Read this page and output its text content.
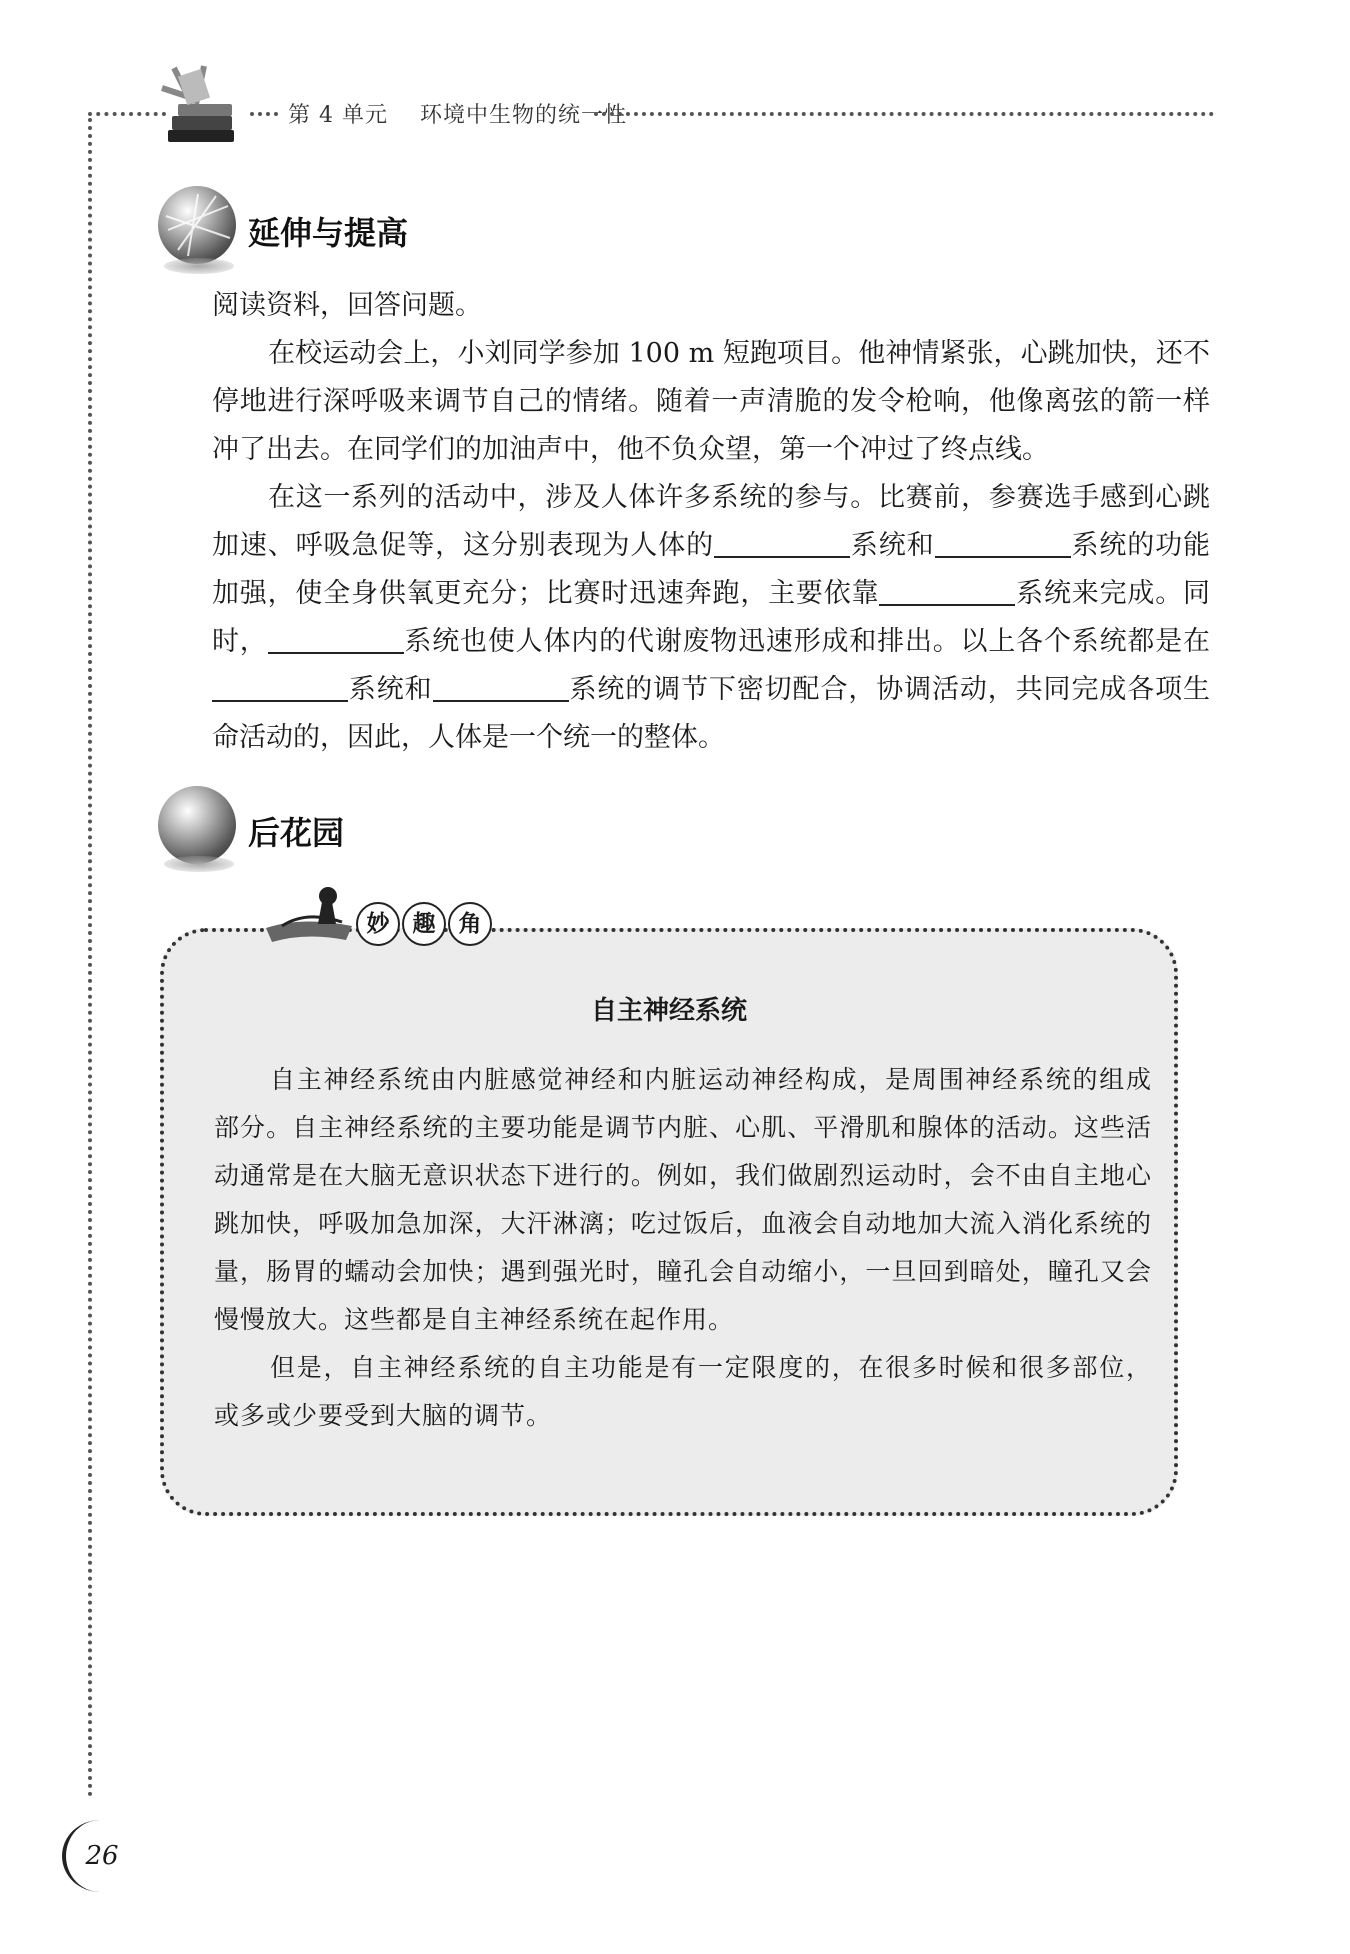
第 4 单元    环境中生物的统一性
延伸与提高
阅读资料，回答问题。
在校运动会上，小刘同学参加 100 m 短跑项目。他神情紧张，心跳加快，还不停地进行深呼吸来调节自己的情绪。随着一声清脆的发令枪响，他像离弦的箭一样冲了出去。在同学们的加油声中，他不负众望，第一个冲过了终点线。
在这一系列的活动中，涉及人体许多系统的参与。比赛前，参赛选手感到心跳加速、呼吸急促等，这分别表现为人体的	系统和	系统的功能加强，使全身供氧更充分；比赛时迅速奔跑，主要依靠	系统来完成。同时，	系统也使人体内的代谢废物迅速形成和排出。以上各个系统都是在系统和	系统的调节下密切配合，协调活动，共同完成各项生命活动的，因此，人体是一个统一的整体。
后花园
妙	趣	角
自主神经系统
自主神经系统由内脏感觉神经和内脏运动神经构成，是周围神经系统的组成部分。自主神经系统的主要功能是调节内脏、心肌、平滑肌和腺体的活动。这些活动通常是在大脑无意识状态下进行的。例如，我们做剧烈运动时，会不由自主地心跳加快，呼吸加急加深，大汗淋漓；吃过饭后，血液会自动地加大流入消化系统的量，肠胃的蠕动会加快；遇到强光时，瞳孔会自动缩小，一旦回到暗处，瞳孔又会慢慢放大。这些都是自主神经系统在起作用。
但是，自主神经系统的自主功能是有一定限度的，在很多时候和很多部位，或多或少要受到大脑的调节。
26
